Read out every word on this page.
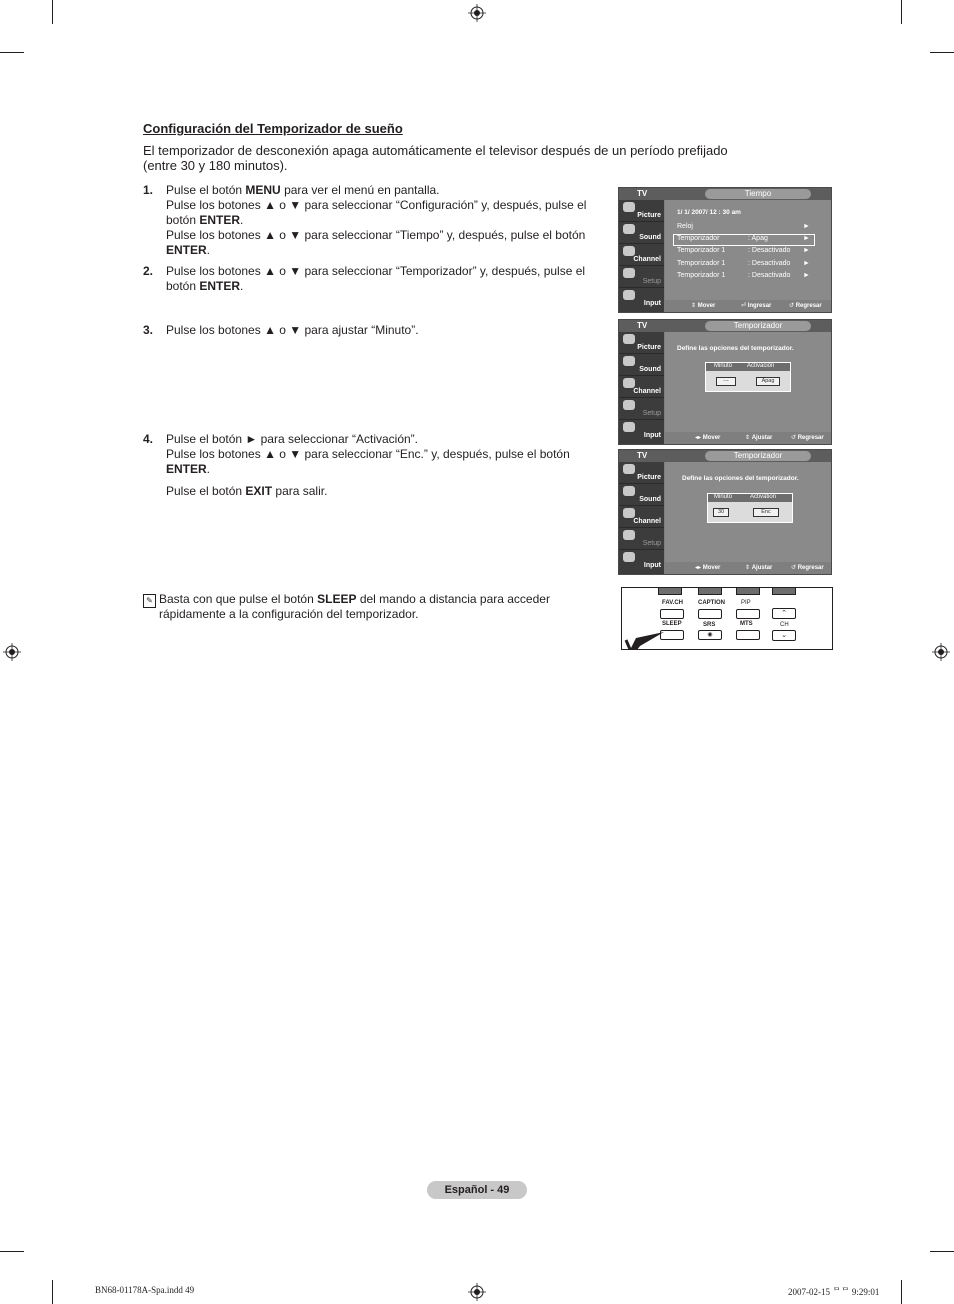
Configuración del Temporizador de sueño

El temporizador de desconexión apaga automáticamente el televisor después de un período prefijado (entre 30 y 180 minutos).

1. Pulse el botón MENU para ver el menú en pantalla.
Pulse los botones ▲ o ▼ para seleccionar “Configuración” y, después, pulse el
botón ENTER.
Pulse los botones ▲ o ▼ para seleccionar “Tiempo” y, después, pulse el botón
ENTER.
2. Pulse los botones ▲ o ▼ para seleccionar “Temporizador” y, después, pulse el
botón ENTER.
3. Pulse los botones ▲ o ▼ para ajustar “Minuto”.
4. Pulse el botón ► para seleccionar “Activación”.
Pulse los botones ▲ o ▼ para seleccionar “Enc.” y, después, pulse el botón
ENTER.

Pulse el botón EXIT para salir.
✎ Basta con que pulse el botón SLEEP del mando a distancia para acceder rápidamente a la configuración del temporizador.
TV	Tiempo
Picture
Sound
Channel
Setup
Input
1/ 1/ 2007/ 12 : 30 am
Reloj	►
Temporizador	: Apag	►
Temporizador 1	: Desactivado ►
Temporizador 1	: Desactivado ►
Temporizador 1	: Desactivado ►
⇕ Mover	⏎ Ingresar	↺ Regresar
TV	Temporizador
Picture
Sound
Channel
Setup
Input
Define las opciones del temporizador.
Minuto Activación
---	Apag
◂▸ Mover	⇕ Ajustar	↺ Regresar
TV	Temporizador
Picture
Sound
Channel
Setup
Input
Define las opciones del temporizador.
Minuto	Activation
30	Enc
◂▸ Mover	⇕ Ajustar	↺ Regresar
FAV.CH CAPTION	PIP
⌃
SLEEP	SRS	MTS	CH
◉	⌄
Español - 49
BN68-01178A-Spa.indd 49	2007-02-15 ᄆᄆ 9:29:01
